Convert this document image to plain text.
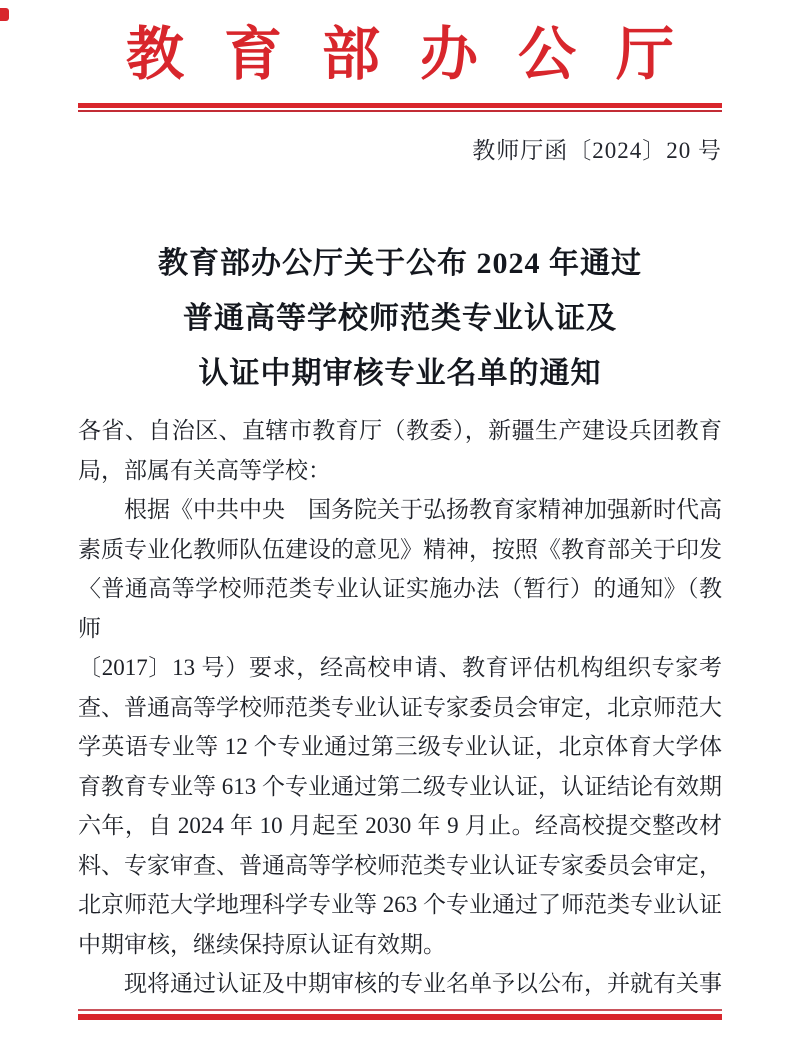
教育部办公厅
教师厅函〔2024〕20 号
教育部办公厅关于公布 2024 年通过
普通高等学校师范类专业认证及
认证中期审核专业名单的通知
各省、自治区、直辖市教育厅（教委），新疆生产建设兵团教育
局，部属有关高等学校：
根据《中共中央　国务院关于弘扬教育家精神加强新时代高
素质专业化教师队伍建设的意见》精神，按照《教育部关于印发
〈普通高等学校师范类专业认证实施办法（暂行）的通知》（教师
〔2017〕13 号）要求，经高校申请、教育评估机构组织专家考
查、普通高等学校师范类专业认证专家委员会审定，北京师范大
学英语专业等 12 个专业通过第三级专业认证，北京体育大学体
育教育专业等 613 个专业通过第二级专业认证，认证结论有效期
六年，自 2024 年 10 月起至 2030 年 9 月止。经高校提交整改材
料、专家审查、普通高等学校师范类专业认证专家委员会审定，
北京师范大学地理科学专业等 263 个专业通过了师范类专业认证
中期审核，继续保持原认证有效期。
现将通过认证及中期审核的专业名单予以公布，并就有关事
